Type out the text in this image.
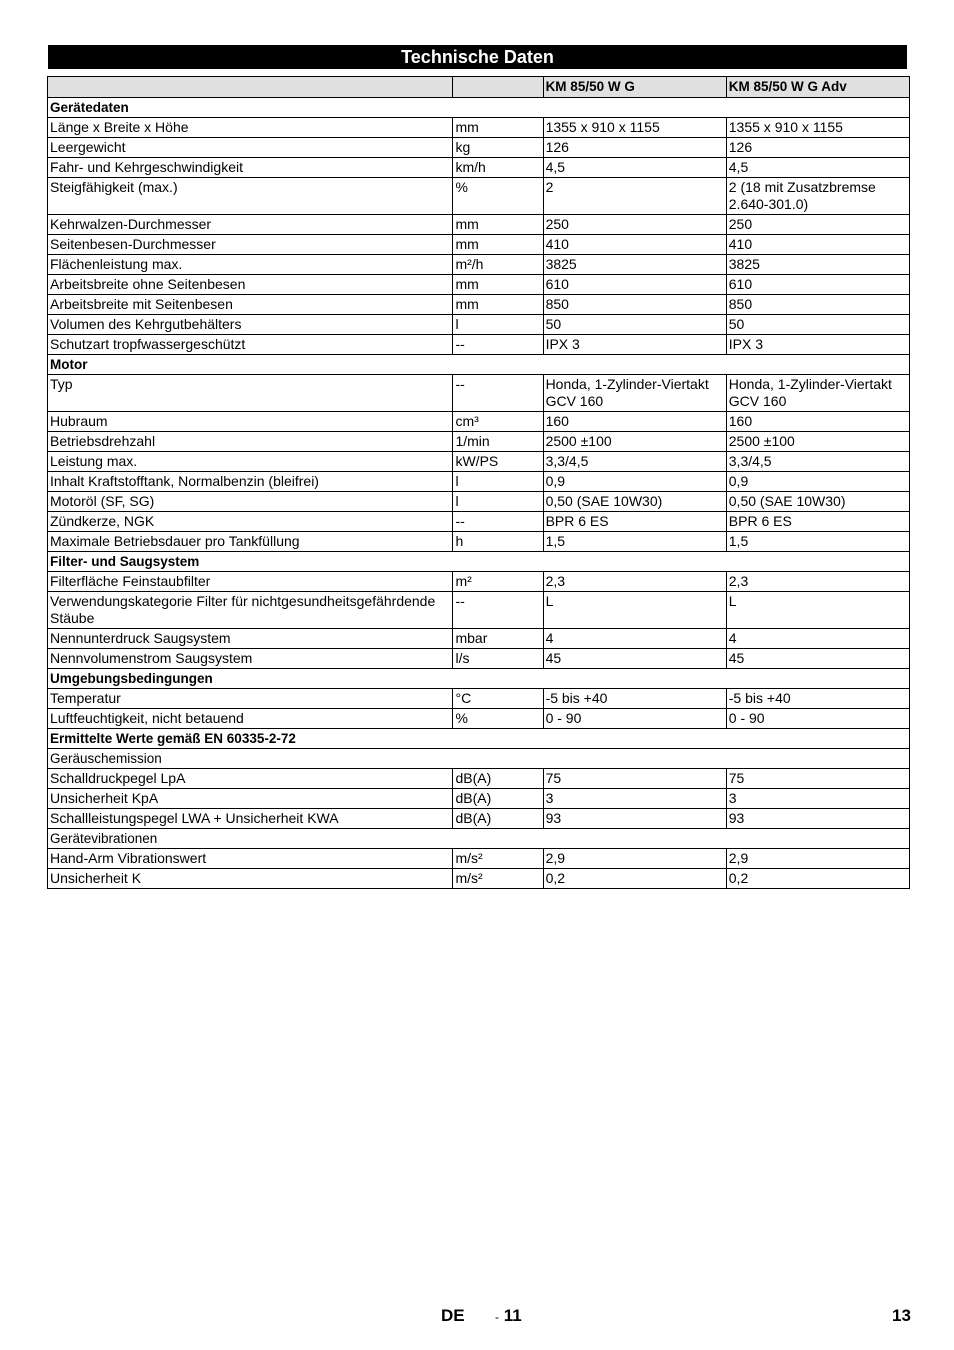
Technische Daten
		KM 85/50 W G	KM 85/50 W G Adv
Gerätedaten			
Länge x Breite x Höhe	mm	1355 x 910 x 1155	1355 x 910 x 1155
Leergewicht	kg	126	126
Fahr- und Kehrgeschwindigkeit	km/h	4,5	4,5
Steigfähigkeit (max.)	%	2	2 (18 mit Zusatzbremse 2.640-301.0)
Kehrwalzen-Durchmesser	mm	250	250
Seitenbesen-Durchmesser	mm	410	410
Flächenleistung max.	m²/h	3825	3825
Arbeitsbreite ohne Seitenbesen	mm	610	610
Arbeitsbreite mit Seitenbesen	mm	850	850
Volumen des Kehrgutbehälters	l	50	50
Schutzart tropfwassergeschützt	--	IPX 3	IPX 3
Motor			
Typ	--	Honda, 1-Zylinder-Viertakt GCV 160	Honda, 1-Zylinder-Viertakt GCV 160
Hubraum	cm³	160	160
Betriebsdrehzahl	1/min	2500 ±100	2500 ±100
Leistung max.	kW/PS	3,3/4,5	3,3/4,5
Inhalt Kraftstofftank, Normalbenzin (bleifrei)	l	0,9	0,9
Motoröl (SF, SG)	l	0,50 (SAE 10W30)	0,50 (SAE 10W30)
Zündkerze, NGK	--	BPR 6 ES	BPR 6 ES
Maximale Betriebsdauer pro Tankfüllung	h	1,5	1,5
Filter- und Saugsystem			
Filterfläche Feinstaubfilter	m²	2,3	2,3
Verwendungskategorie Filter für nichtgesundheitsgefährdende Stäube	--	L	L
Nennunterdruck Saugsystem	mbar	4	4
Nennvolumenstrom Saugsystem	l/s	45	45
Umgebungsbedingungen			
Temperatur	°C	-5 bis +40	-5 bis +40
Luftfeuchtigkeit, nicht betauend	%	0 - 90	0 - 90
Ermittelte Werte gemäß EN 60335-2-72			
Geräuschemission			
Schalldruckpegel LpA	dB(A)	75	75
Unsicherheit KpA	dB(A)	3	3
Schallleistungspegel LWA + Unsicherheit KWA	dB(A)	93	93
Gerätevibrationen			
Hand-Arm Vibrationswert	m/s²	2,9	2,9
Unsicherheit K	m/s²	0,2	0,2
DE	- 11	13
